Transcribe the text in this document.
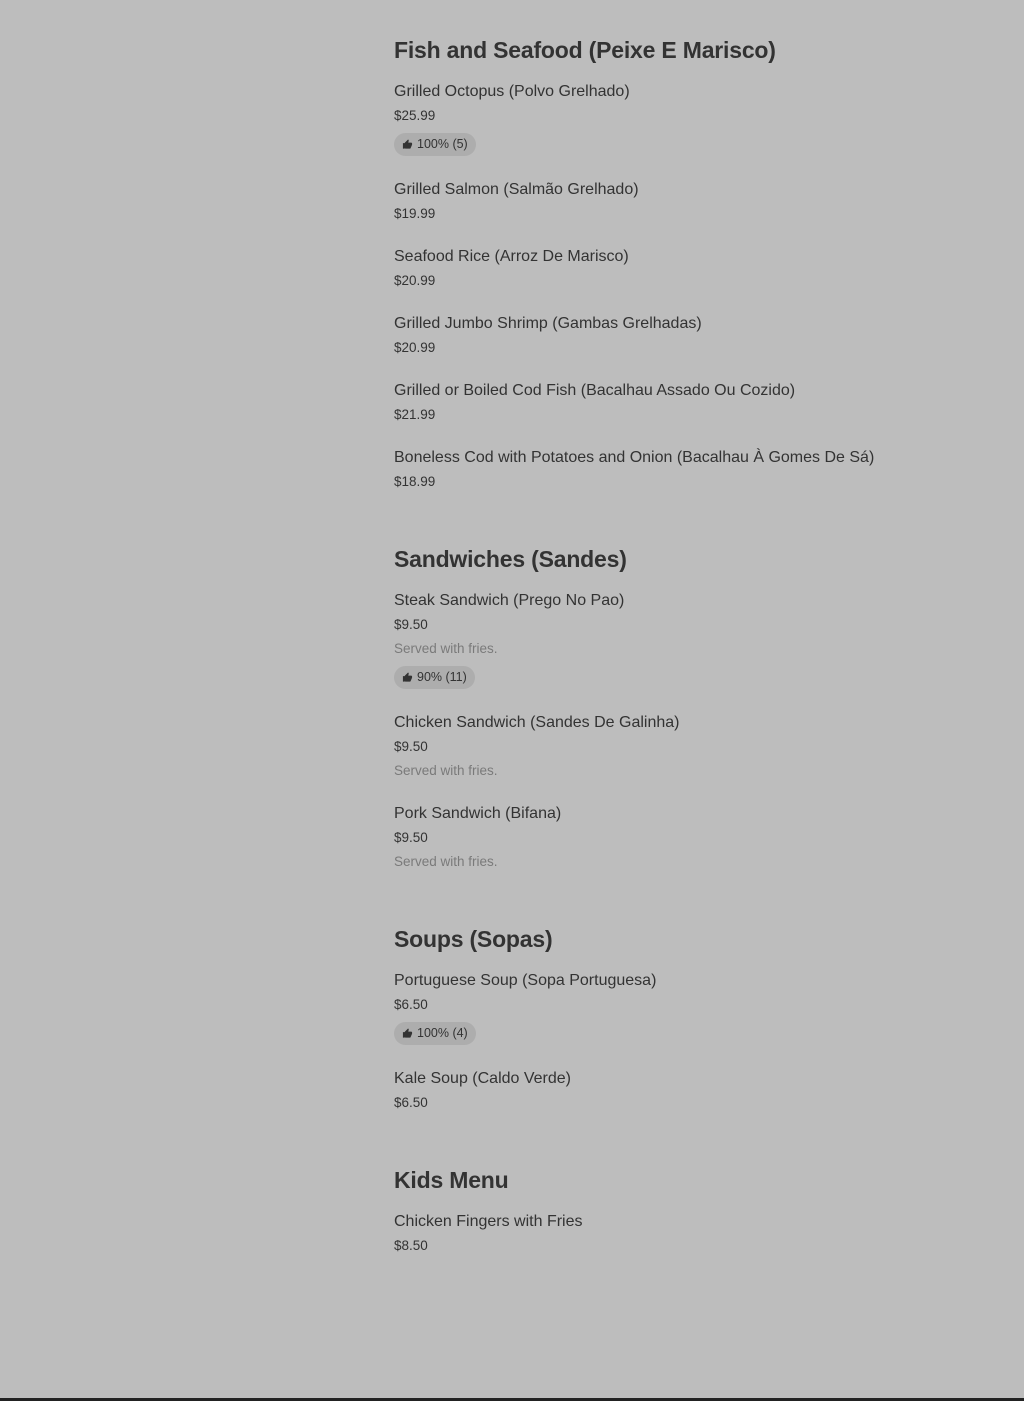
Fish and Seafood (Peixe E Marisco)
Grilled Octopus (Polvo Grelhado)
$25.99
100% (5)
Grilled Salmon (Salmão Grelhado)
$19.99
Seafood Rice (Arroz De Marisco)
$20.99
Grilled Jumbo Shrimp (Gambas Grelhadas)
$20.99
Grilled or Boiled Cod Fish (Bacalhau Assado Ou Cozido)
$21.99
Boneless Cod with Potatoes and Onion (Bacalhau À Gomes De Sá)
$18.99
Sandwiches (Sandes)
Steak Sandwich (Prego No Pao)
$9.50
Served with fries.
90% (11)
Chicken Sandwich (Sandes De Galinha)
$9.50
Served with fries.
Pork Sandwich (Bifana)
$9.50
Served with fries.
Soups (Sopas)
Portuguese Soup (Sopa Portuguesa)
$6.50
100% (4)
Kale Soup (Caldo Verde)
$6.50
Kids Menu
Chicken Fingers with Fries
$8.50
